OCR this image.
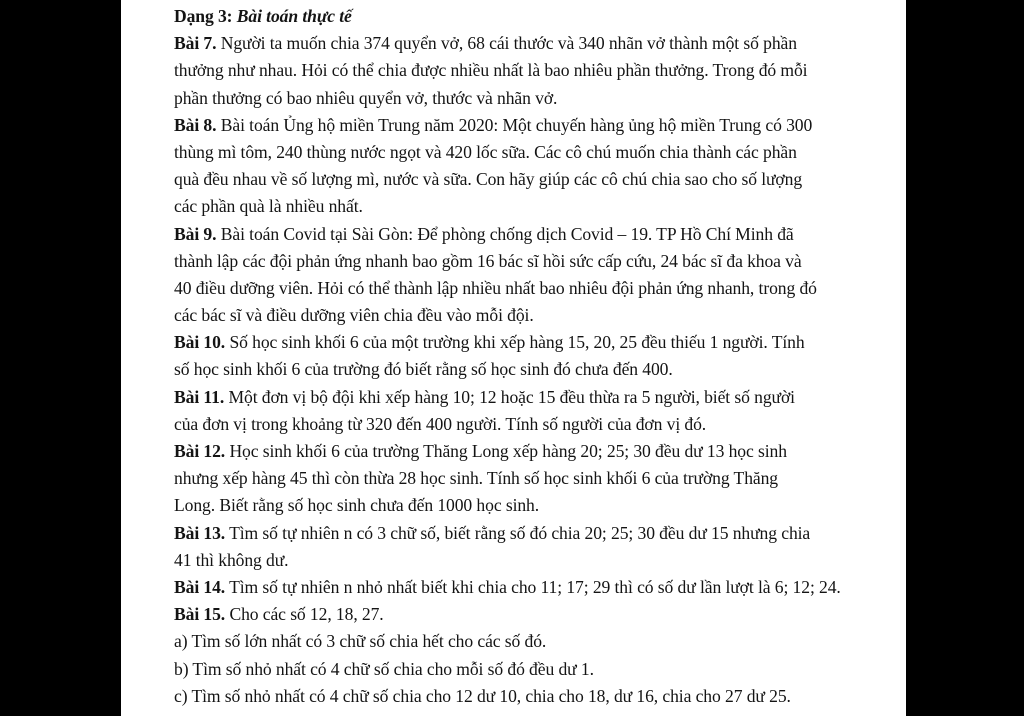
Dạng 3: Bài toán thực tế
Bài 7. Người ta muốn chia 374 quyển vở, 68 cái thước và 340 nhãn vở thành một số phần
thưởng như nhau. Hỏi có thể chia được nhiều nhất là bao nhiêu phần thưởng. Trong đó mỗi
phần thưởng có bao nhiêu quyển vở, thước và nhãn vở.
Bài 8. Bài toán Ủng hộ miền Trung năm 2020: Một chuyến hàng ủng hộ miền Trung có 300
thùng mì tôm, 240 thùng nước ngọt và 420 lốc sữa. Các cô chú muốn chia thành các phần
quà đều nhau về số lượng mì, nước và sữa. Con hãy giúp các cô chú chia sao cho số lượng
các phần quà là nhiều nhất.
Bài 9. Bài toán Covid tại Sài Gòn: Để phòng chống dịch Covid – 19. TP Hồ Chí Minh đã
thành lập các đội phản ứng nhanh bao gồm 16 bác sĩ hồi sức cấp cứu, 24 bác sĩ đa khoa và
40 điều dưỡng viên. Hỏi có thể thành lập nhiều nhất bao nhiêu đội phản ứng nhanh, trong đó
các bác sĩ và điều dưỡng viên chia đều vào mỗi đội.
Bài 10. Số học sinh khối 6 của một trường khi xếp hàng 15, 20, 25 đều thiếu 1 người. Tính
số học sinh khối 6 của trường đó biết rằng số học sinh đó chưa đến 400.
Bài 11. Một đơn vị bộ đội khi xếp hàng 10; 12 hoặc 15 đều thừa ra 5 người, biết số người
của đơn vị trong khoảng từ 320 đến 400 người. Tính số người của đơn vị đó.
Bài 12. Học sinh khối 6 của trường Thăng Long xếp hàng 20; 25; 30 đều dư 13 học sinh
nhưng xếp hàng 45 thì còn thừa 28 học sinh. Tính số học sinh khối 6 của trường Thăng
Long. Biết rằng số học sinh chưa đến 1000 học sinh.
Bài 13. Tìm số tự nhiên n có 3 chữ số, biết rằng số đó chia 20; 25; 30 đều dư 15 nhưng chia
41 thì không dư.
Bài 14. Tìm số tự nhiên n nhỏ nhất biết khi chia cho 11; 17; 29 thì có số dư lần lượt là 6; 12; 24.
Bài 15. Cho các số 12, 18, 27.
a) Tìm số lớn nhất có 3 chữ số chia hết cho các số đó.
b) Tìm số nhỏ nhất có 4 chữ số chia cho mỗi số đó đều dư 1.
c) Tìm số nhỏ nhất có 4 chữ số chia cho 12 dư 10, chia cho 18, dư 16, chia cho 27 dư 25.
